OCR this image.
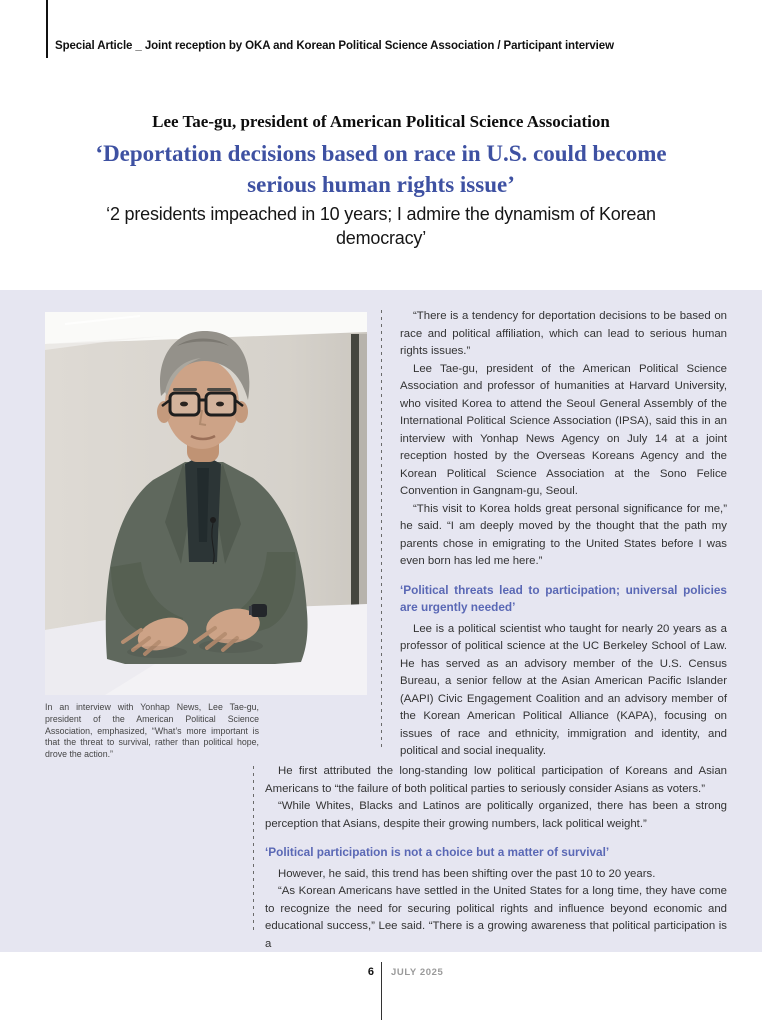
Special Article _ Joint reception by OKA and Korean Political Science Association / Participant interview
Lee Tae-gu, president of American Political Science Association
‘Deportation decisions based on race in U.S. could become serious human rights issue’
‘2 presidents impeached in 10 years; I admire the dynamism of Korean democracy’
In an interview with Yonhap News, Lee Tae-gu, president of the American Political Science Association, emphasized, “What’s more important is that the threat to survival, rather than political hope, drove the action.”

“There is a tendency for deportation decisions to be based on race and political affiliation, which can lead to serious human rights issues.”

Lee Tae-gu, president of the American Political Science Association and professor of humanities at Harvard University, who visited Korea to attend the Seoul General Assembly of the International Political Science Association (IPSA), said this in an interview with Yonhap News Agency on July 14 at a joint reception hosted by the Overseas Koreans Agency and the Korean Political Science Association at the Sono Felice Convention in Gangnam-gu, Seoul.

“This visit to Korea holds great personal significance for me,” he said. “I am deeply moved by the thought that the path my parents chose in emigrating to the United States before I was even born has led me here.”

‘Political threats lead to participation; universal policies are urgently needed’

Lee is a political scientist who taught for nearly 20 years as a professor of political science at the UC Berkeley School of Law. He has served as an advisory member of the U.S. Census Bureau, a senior fellow at the Asian American Pacific Islander (AAPI) Civic Engagement Coalition and an advisory member of the Korean American Political Alliance (KAPA), focusing on issues of race and ethnicity, immigration and identity, and political and social inequality.

He first attributed the long-standing low political participation of Koreans and Asian Americans to “the failure of both political parties to seriously consider Asians as voters.”

“While Whites, Blacks and Latinos are politically organized, there has been a strong perception that Asians, despite their growing numbers, lack political weight.”

‘Political participation is not a choice but a matter of survival’

However, he said, this trend has been shifting over the past 10 to 20 years.

“As Korean Americans have settled in the United States for a long time, they have come to recognize the need for securing political rights and influence beyond economic and educational success,” Lee said. “There is a growing awareness that political participation is a

6 JULY 2025
